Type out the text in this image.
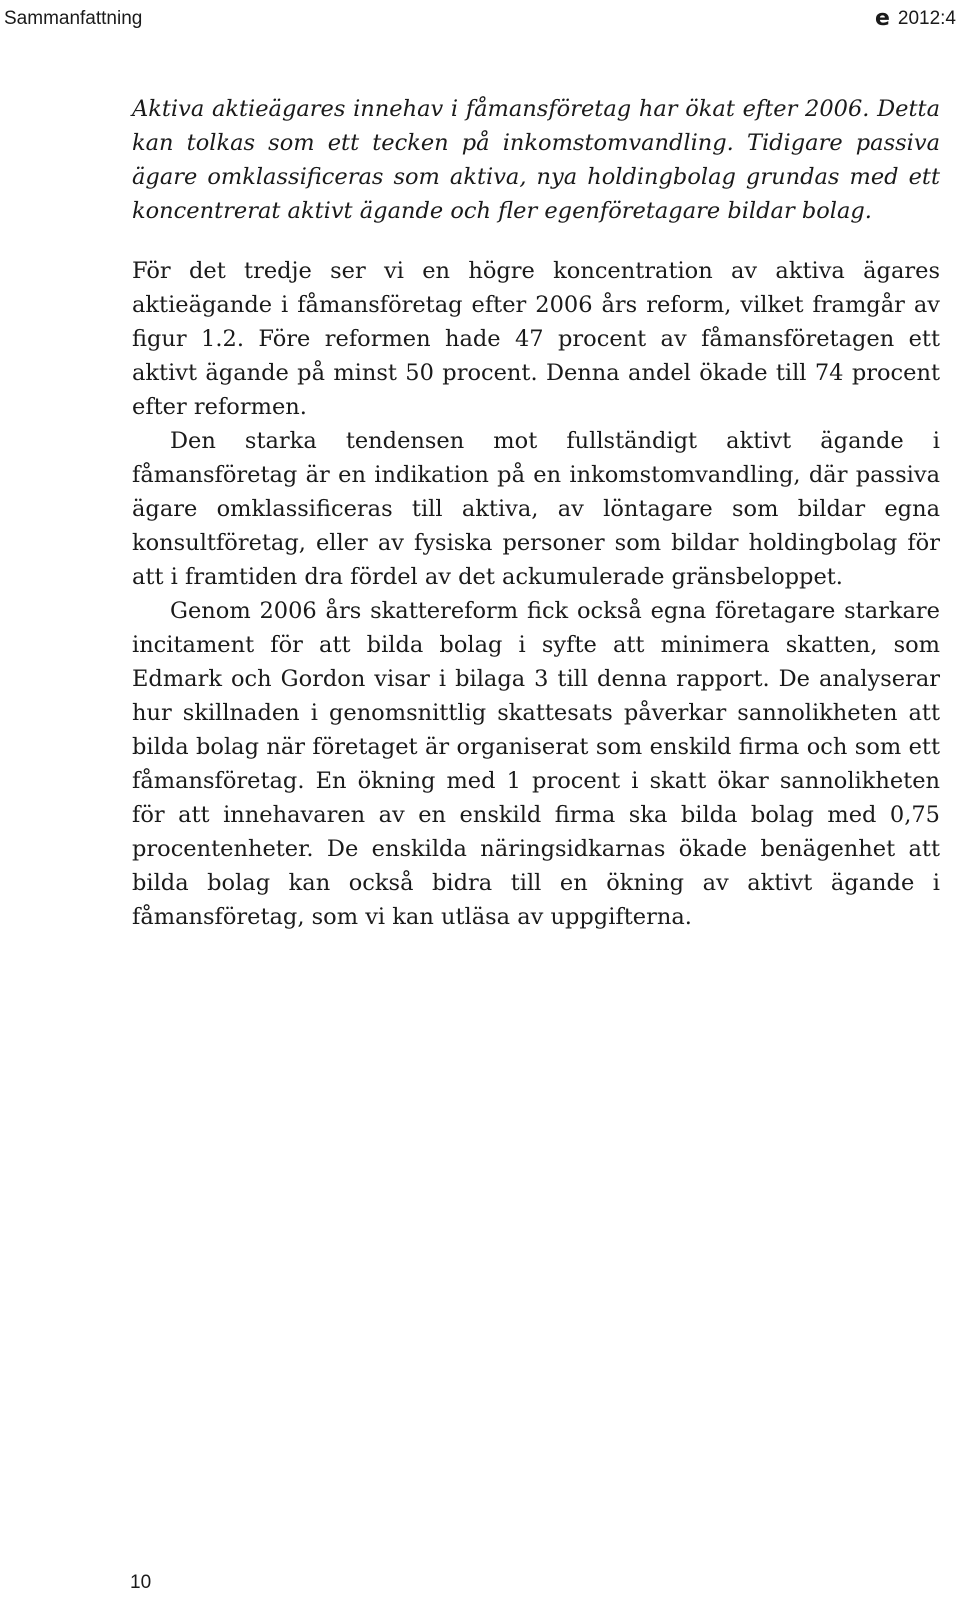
Sammanfattning	e 2012:4

Aktiva aktieägares innehav i fåmansföretag har ökat efter 2006. Detta kan tolkas som ett tecken på inkomstomvandling. Tidigare passiva ägare omklassificeras som aktiva, nya holdingbolag grundas med ett koncentrerat aktivt ägande och fler egenföretagare bildar bolag.

För det tredje ser vi en högre koncentration av aktiva ägares aktieägande i fåmansföretag efter 2006 års reform, vilket framgår av figur 1.2. Före reformen hade 47 procent av fåmansföretagen ett aktivt ägande på minst 50 procent. Denna andel ökade till 74 procent efter reformen.

Den starka tendensen mot fullständigt aktivt ägande i fåmansföretag är en indikation på en inkomstomvandling, där passiva ägare omklassificeras till aktiva, av löntagare som bildar egna konsultföretag, eller av fysiska personer som bildar holdingbolag för att i framtiden dra fördel av det ackumulerade gränsbeloppet.

Genom 2006 års skattereform fick också egna företagare starkare incitament för att bilda bolag i syfte att minimera skatten, som Edmark och Gordon visar i bilaga 3 till denna rapport. De analyserar hur skillnaden i genomsnittlig skattesats påverkar sannolikheten att bilda bolag när företaget är organiserat som enskild firma och som ett fåmansföretag. En ökning med 1 procent i skatt ökar sannolikheten för att innehavaren av en enskild firma ska bilda bolag med 0,75 procentenheter. De enskilda näringsidkarnas ökade benägenhet att bilda bolag kan också bidra till en ökning av aktivt ägande i fåmansföretag, som vi kan utläsa av uppgifterna.

10
